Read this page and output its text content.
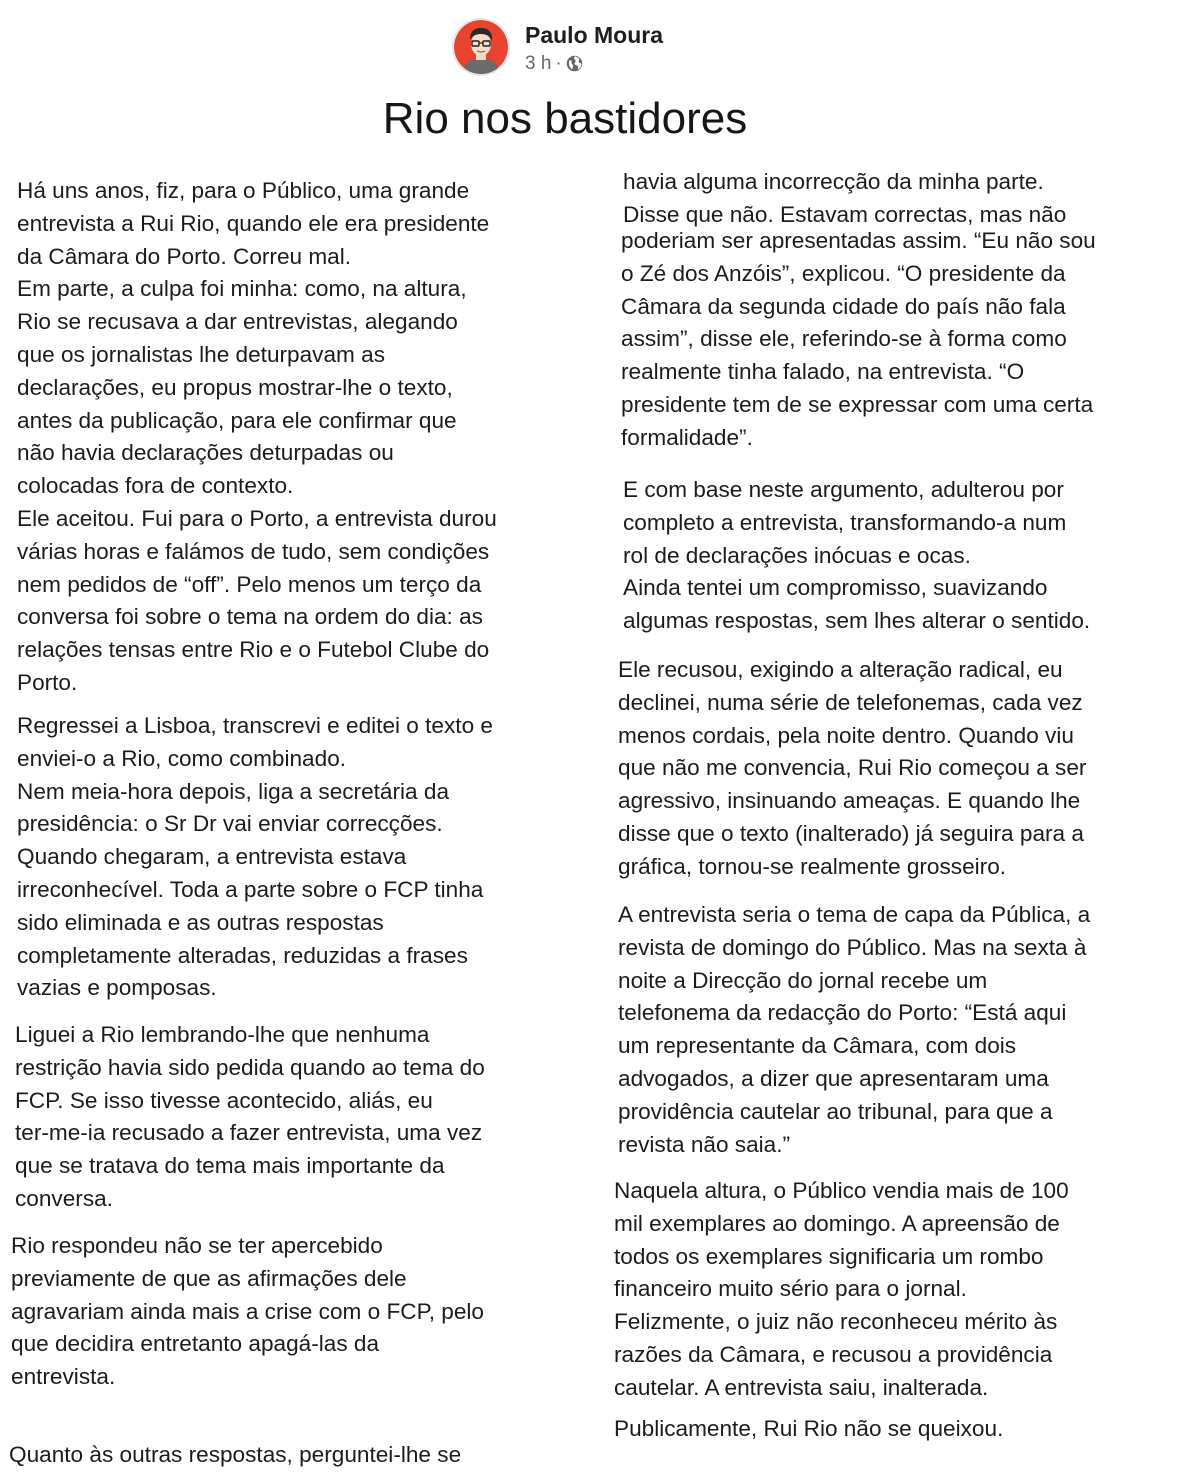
Paulo Moura
3 h ·
Rio nos bastidores
Há uns anos, fiz, para o Público, uma grande
entrevista a Rui Rio, quando ele era presidente
da Câmara do Porto. Correu mal.
Em parte, a culpa foi minha: como, na altura,
Rio se recusava a dar entrevistas, alegando
que os jornalistas lhe deturpavam as
declarações, eu propus mostrar-lhe o texto,
antes da publicação, para ele confirmar que
não havia declarações deturpadas ou
colocadas fora de contexto.
Ele aceitou. Fui para o Porto, a entrevista durou
várias horas e falámos de tudo, sem condições
nem pedidos de “off”. Pelo menos um terço da
conversa foi sobre o tema na ordem do dia: as
relações tensas entre Rio e o Futebol Clube do
Porto.
Regressei a Lisboa, transcrevi e editei o texto e
enviei-o a Rio, como combinado.
Nem meia-hora depois, liga a secretária da
presidência: o Sr Dr vai enviar correcções.
Quando chegaram, a entrevista estava
irreconhecível. Toda a parte sobre o FCP tinha
sido eliminada e as outras respostas
completamente alteradas, reduzidas a frases
vazias e pomposas.
Liguei a Rio lembrando-lhe que nenhuma
restrição havia sido pedida quando ao tema do
FCP. Se isso tivesse acontecido, aliás, eu
ter-me-ia recusado a fazer entrevista, uma vez
que se tratava do tema mais importante da
conversa.
Rio respondeu não se ter apercebido
previamente de que as afirmações dele
agravariam ainda mais a crise com o FCP, pelo
que decidira entretanto apagá-las da
entrevista.
Quanto às outras respostas, perguntei-lhe se
havia alguma incorrecção da minha parte.
Disse que não. Estavam correctas, mas não
poderiam ser apresentadas assim. “Eu não sou
o Zé dos Anzóis”, explicou. “O presidente da
Câmara da segunda cidade do país não fala
assim”, disse ele, referindo-se à forma como
realmente tinha falado, na entrevista. “O
presidente tem de se expressar com uma certa
formalidade”.
E com base neste argumento, adulterou por
completo a entrevista, transformando-a num
rol de declarações inócuas e ocas.
Ainda tentei um compromisso, suavizando
algumas respostas, sem lhes alterar o sentido.
Ele recusou, exigindo a alteração radical, eu
declinei, numa série de telefonemas, cada vez
menos cordais, pela noite dentro. Quando viu
que não me convencia, Rui Rio começou a ser
agressivo, insinuando ameaças. E quando lhe
disse que o texto (inalterado) já seguira para a
gráfica, tornou-se realmente grosseiro.
A entrevista seria o tema de capa da Pública, a
revista de domingo do Público. Mas na sexta à
noite a Direcção do jornal recebe um
telefonema da redacção do Porto: “Está aqui
um representante da Câmara, com dois
advogados, a dizer que apresentaram uma
providência cautelar ao tribunal, para que a
revista não saia.”
Naquela altura, o Público vendia mais de 100
mil exemplares ao domingo. A apreensão de
todos os exemplares significaria um rombo
financeiro muito sério para o jornal.
Felizmente, o juiz não reconheceu mérito às
razões da Câmara, e recusou a providência
cautelar. A entrevista saiu, inalterada.
Publicamente, Rui Rio não se queixou.
